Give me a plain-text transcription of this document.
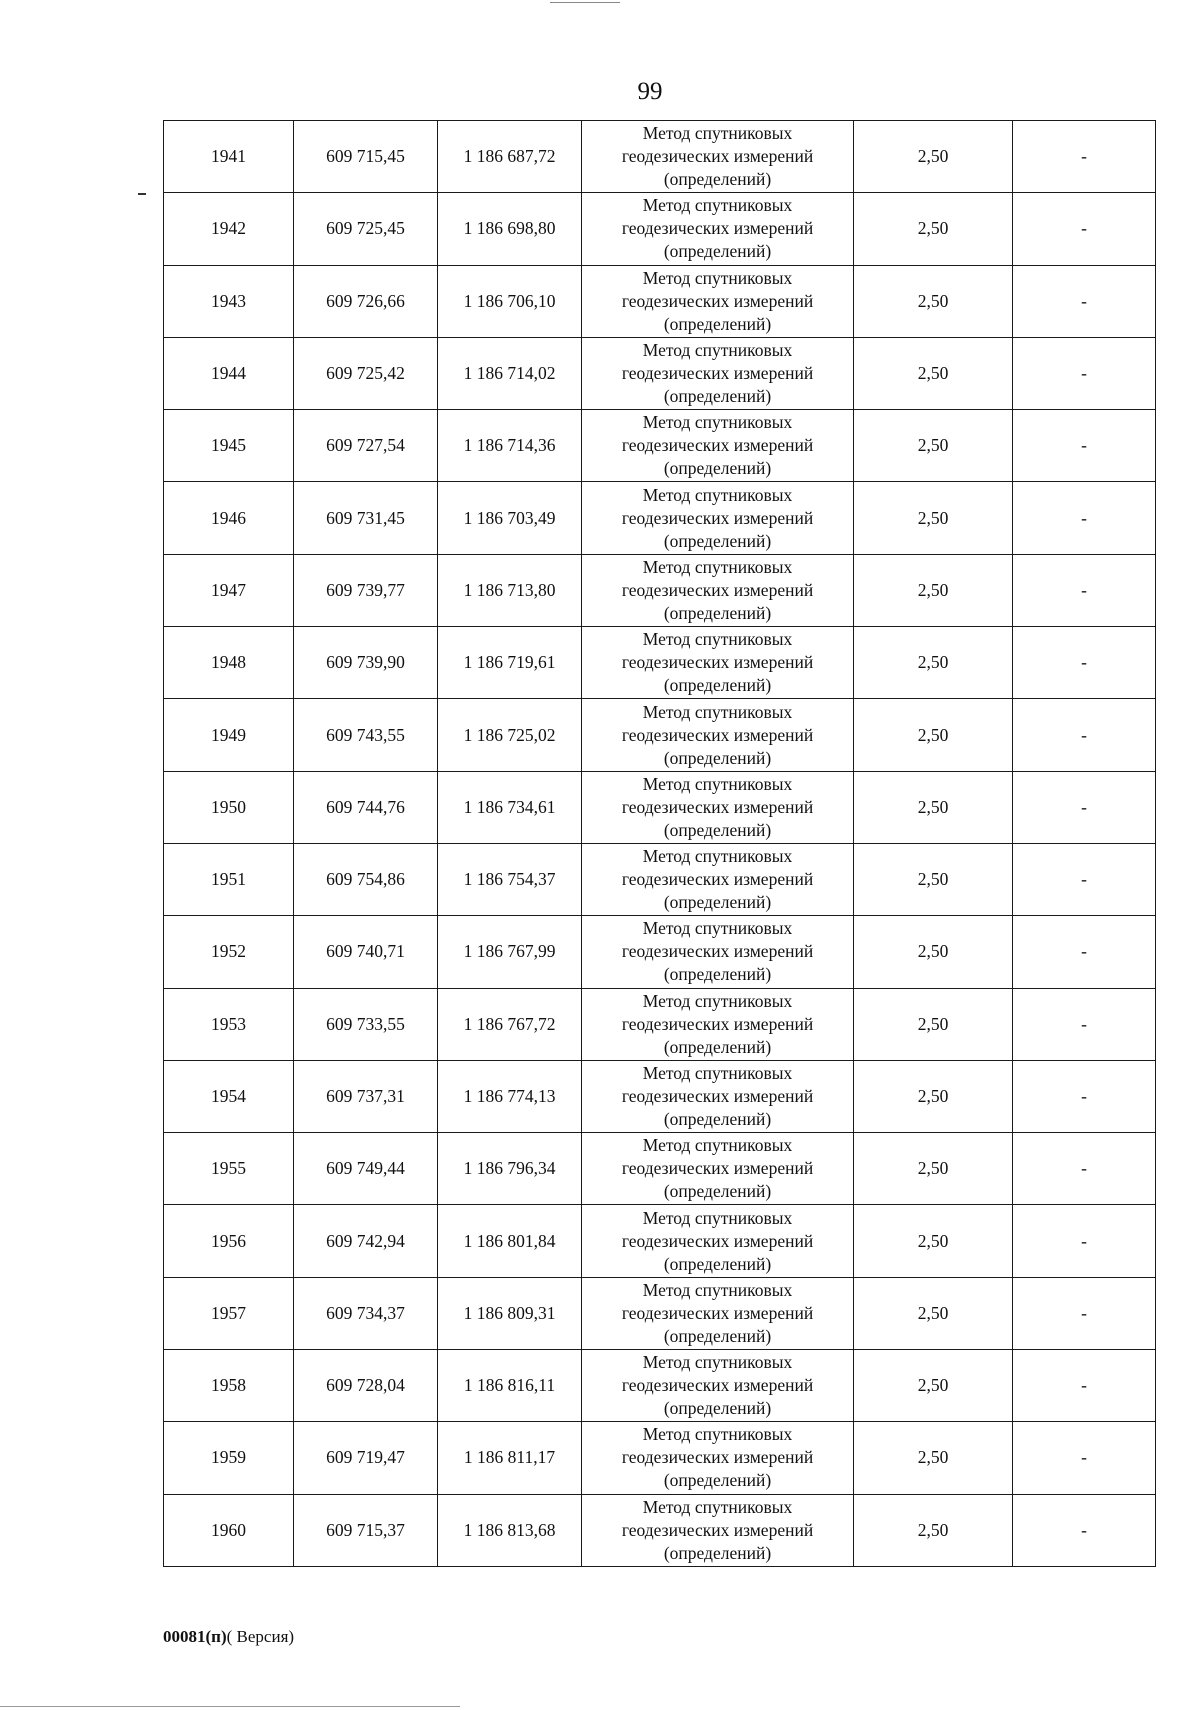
99
1941	609 715,45	1 186 687,72	Метод спутниковых
геодезических измерений
(определений)	2,50	-
1942	609 725,45	1 186 698,80	Метод спутниковых
геодезических измерений
(определений)	2,50	-
1943	609 726,66	1 186 706,10	Метод спутниковых
геодезических измерений
(определений)	2,50	-
1944	609 725,42	1 186 714,02	Метод спутниковых
геодезических измерений
(определений)	2,50	-
1945	609 727,54	1 186 714,36	Метод спутниковых
геодезических измерений
(определений)	2,50	-
1946	609 731,45	1 186 703,49	Метод спутниковых
геодезических измерений
(определений)	2,50	-
1947	609 739,77	1 186 713,80	Метод спутниковых
геодезических измерений
(определений)	2,50	-
1948	609 739,90	1 186 719,61	Метод спутниковых
геодезических измерений
(определений)	2,50	-
1949	609 743,55	1 186 725,02	Метод спутниковых
геодезических измерений
(определений)	2,50	-
1950	609 744,76	1 186 734,61	Метод спутниковых
геодезических измерений
(определений)	2,50	-
1951	609 754,86	1 186 754,37	Метод спутниковых
геодезических измерений
(определений)	2,50	-
1952	609 740,71	1 186 767,99	Метод спутниковых
геодезических измерений
(определений)	2,50	-
1953	609 733,55	1 186 767,72	Метод спутниковых
геодезических измерений
(определений)	2,50	-
1954	609 737,31	1 186 774,13	Метод спутниковых
геодезических измерений
(определений)	2,50	-
1955	609 749,44	1 186 796,34	Метод спутниковых
геодезических измерений
(определений)	2,50	-
1956	609 742,94	1 186 801,84	Метод спутниковых
геодезических измерений
(определений)	2,50	-
1957	609 734,37	1 186 809,31	Метод спутниковых
геодезических измерений
(определений)	2,50	-
1958	609 728,04	1 186 816,11	Метод спутниковых
геодезических измерений
(определений)	2,50	-
1959	609 719,47	1 186 811,17	Метод спутниковых
геодезических измерений
(определений)	2,50	-
1960	609 715,37	1 186 813,68	Метод спутниковых
геодезических измерений
(определений)	2,50	-
00081(п)( Версия)
